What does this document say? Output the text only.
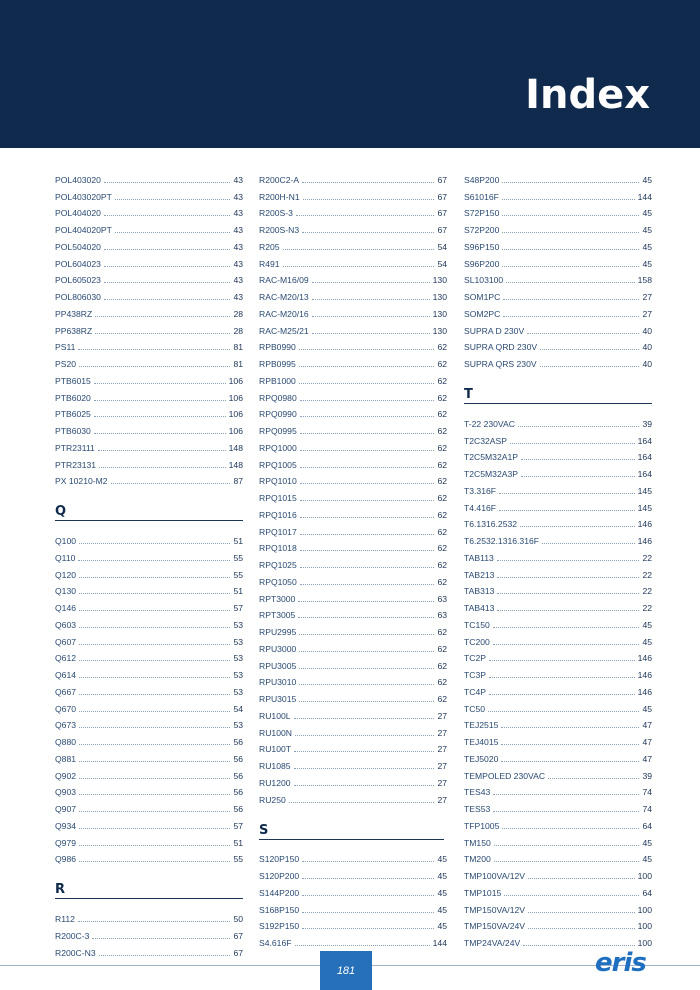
Index
POL403020	43
POL403020PT	43
POL404020	43
POL404020PT	43
POL504020	43
POL604023	43
POL605023	43
POL806030	43
PP438RZ	28
PP638RZ	28
PS11	81
PS20	81
PTB6015	106
PTB6020	106
PTB6025	106
PTB6030	106
PTR23111	148
PTR23131	148
PX 10210-M2	87
Q
Q100	51
Q110	55
Q120	55
Q130	51
Q146	57
Q603	53
Q607	53
Q612	53
Q614	53
Q667	53
Q670	54
Q673	53
Q880	56
Q881	56
Q902	56
Q903	56
Q907	56
Q934	57
Q979	51
Q986	55
R
R112	50
R200C-3	67
R200C-N3	67
R200C2-A	67
R200H-N1	67
R200S-3	67
R200S-N3	67
R205	54
R491	54
RAC-M16/09	130
RAC-M20/13	130
RAC-M20/16	130
RAC-M25/21	130
RPB0990	62
RPB0995	62
RPB1000	62
RPQ0980	62
RPQ0990	62
RPQ0995	62
RPQ1000	62
RPQ1005	62
RPQ1010	62
RPQ1015	62
RPQ1016	62
RPQ1017	62
RPQ1018	62
RPQ1025	62
RPQ1050	62
RPT3000	63
RPT3005	63
RPU2995	62
RPU3000	62
RPU3005	62
RPU3010	62
RPU3015	62
RU100L	27
RU100N	27
RU100T	27
RU1085	27
RU1200	27
RU250	27
S
S120P150	45
S120P200	45
S144P200	45
S168P150	45
S192P150	45
S4.616F	144
S48P200	45
S61016F	144
S72P150	45
S72P200	45
S96P150	45
S96P200	45
SL103100	158
SOM1PC	27
SOM2PC	27
SUPRA D 230V	40
SUPRA QRD 230V	40
SUPRA QRS 230V	40
T
T-22 230VAC	39
T2C32ASP	164
T2C5M32A1P	164
T2C5M32A3P	164
T3.316F	145
T4.416F	145
T6.1316.2532	146
T6.2532.1316.316F	146
TAB113	22
TAB213	22
TAB313	22
TAB413	22
TC150	45
TC200	45
TC2P	146
TC3P	146
TC4P	146
TC50	45
TEJ2515	47
TEJ4015	47
TEJ5020	47
TEMPOLED 230VAC	39
TES43	74
TES53	74
TFP1005	64
TM150	45
TM200	45
TMP100VA/12V	100
TMP1015	64
TMP150VA/12V	100
TMP150VA/24V	100
TMP24VA/24V	100
181	eris
